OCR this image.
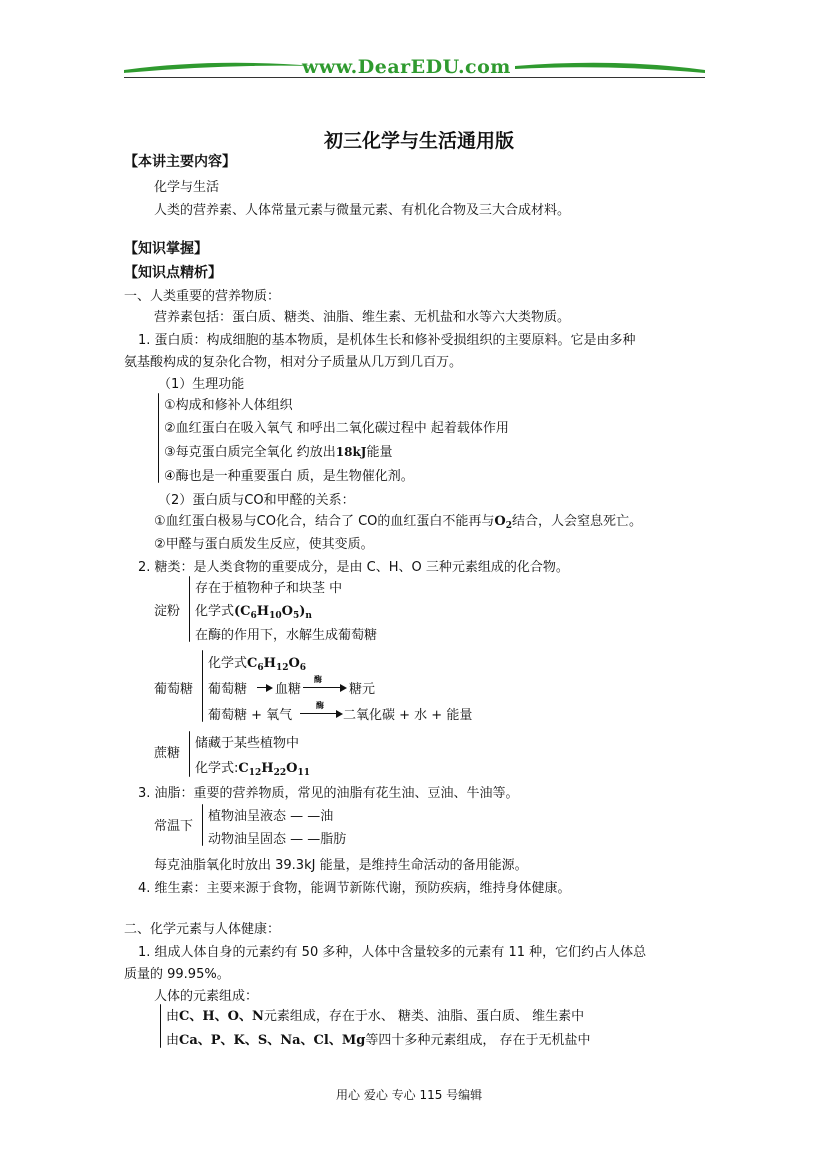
www.DearEDU.com
初三化学与生活通用版
【本讲主要内容】
化学与生活
人类的营养素、人体常量元素与微量元素、有机化合物及三大合成材料。
【知识掌握】
【知识点精析】
一、人类重要的营养物质：
营养素包括：蛋白质、糖类、油脂、维生素、无机盐和水等六大类物质。
1. 蛋白质：构成细胞的基本物质，是机体生长和修补受损组织的主要原料。它是由多种
氨基酸构成的复杂化合物，相对分子质量从几万到几百万。
（1）生理功能
①构成和修补人体组织
②血红蛋白在吸入氧气 和呼出二氧化碳过程中 起着载体作用
③每克蛋白质完全氧化 约放出18kJ能量
④酶也是一种重要蛋白 质，是生物催化剂。
（2）蛋白质与CO和甲醛的关系：
①血红蛋白极易与CO化合，结合了 CO的血红蛋白不能再与$O_2$结合，人会窒息死亡。
②甲醛与蛋白质发生反应，使其变质。
2. 糖类：是人类食物的重要成分，是由 C、H、O 三种元素组成的化合物。
淀粉
存在于植物种子和块茎 中
化学式$(C_6H_{10}O_5)_n$
在酶的作用下，水解生成葡萄糖
葡萄糖
化学式$C_6H_{12}O_6$
葡萄糖 血糖
酶
糖元
葡萄糖 + 氧气
酶
二氧化碳 + 水 + 能量
蔗糖
储藏于某些植物中
化学式$:C_{12}H_{22}O_{11}$
3. 油脂：重要的营养物质，常见的油脂有花生油、豆油、牛油等。
常温下
植物油呈液态 — —油
动物油呈固态 — —脂肪
每克油脂氧化时放出 39.3kJ 能量，是维持生命活动的备用能源。
4. 维生素：主要来源于食物，能调节新陈代谢，预防疾病，维持身体健康。
二、化学元素与人体健康：
1. 组成人体自身的元素约有 50 多种，人体中含量较多的元素有 11 种，它们约占人体总
质量的 99.95%。
人体的元素组成：
由C、H、O、N元素组成，存在于水、 糖类、油脂、蛋白质、 维生素中
由Ca、P、K、S、Na、Cl、Mg等四十多种元素组成， 存在于无机盐中
用心 爱心 专心 115 号编辑
